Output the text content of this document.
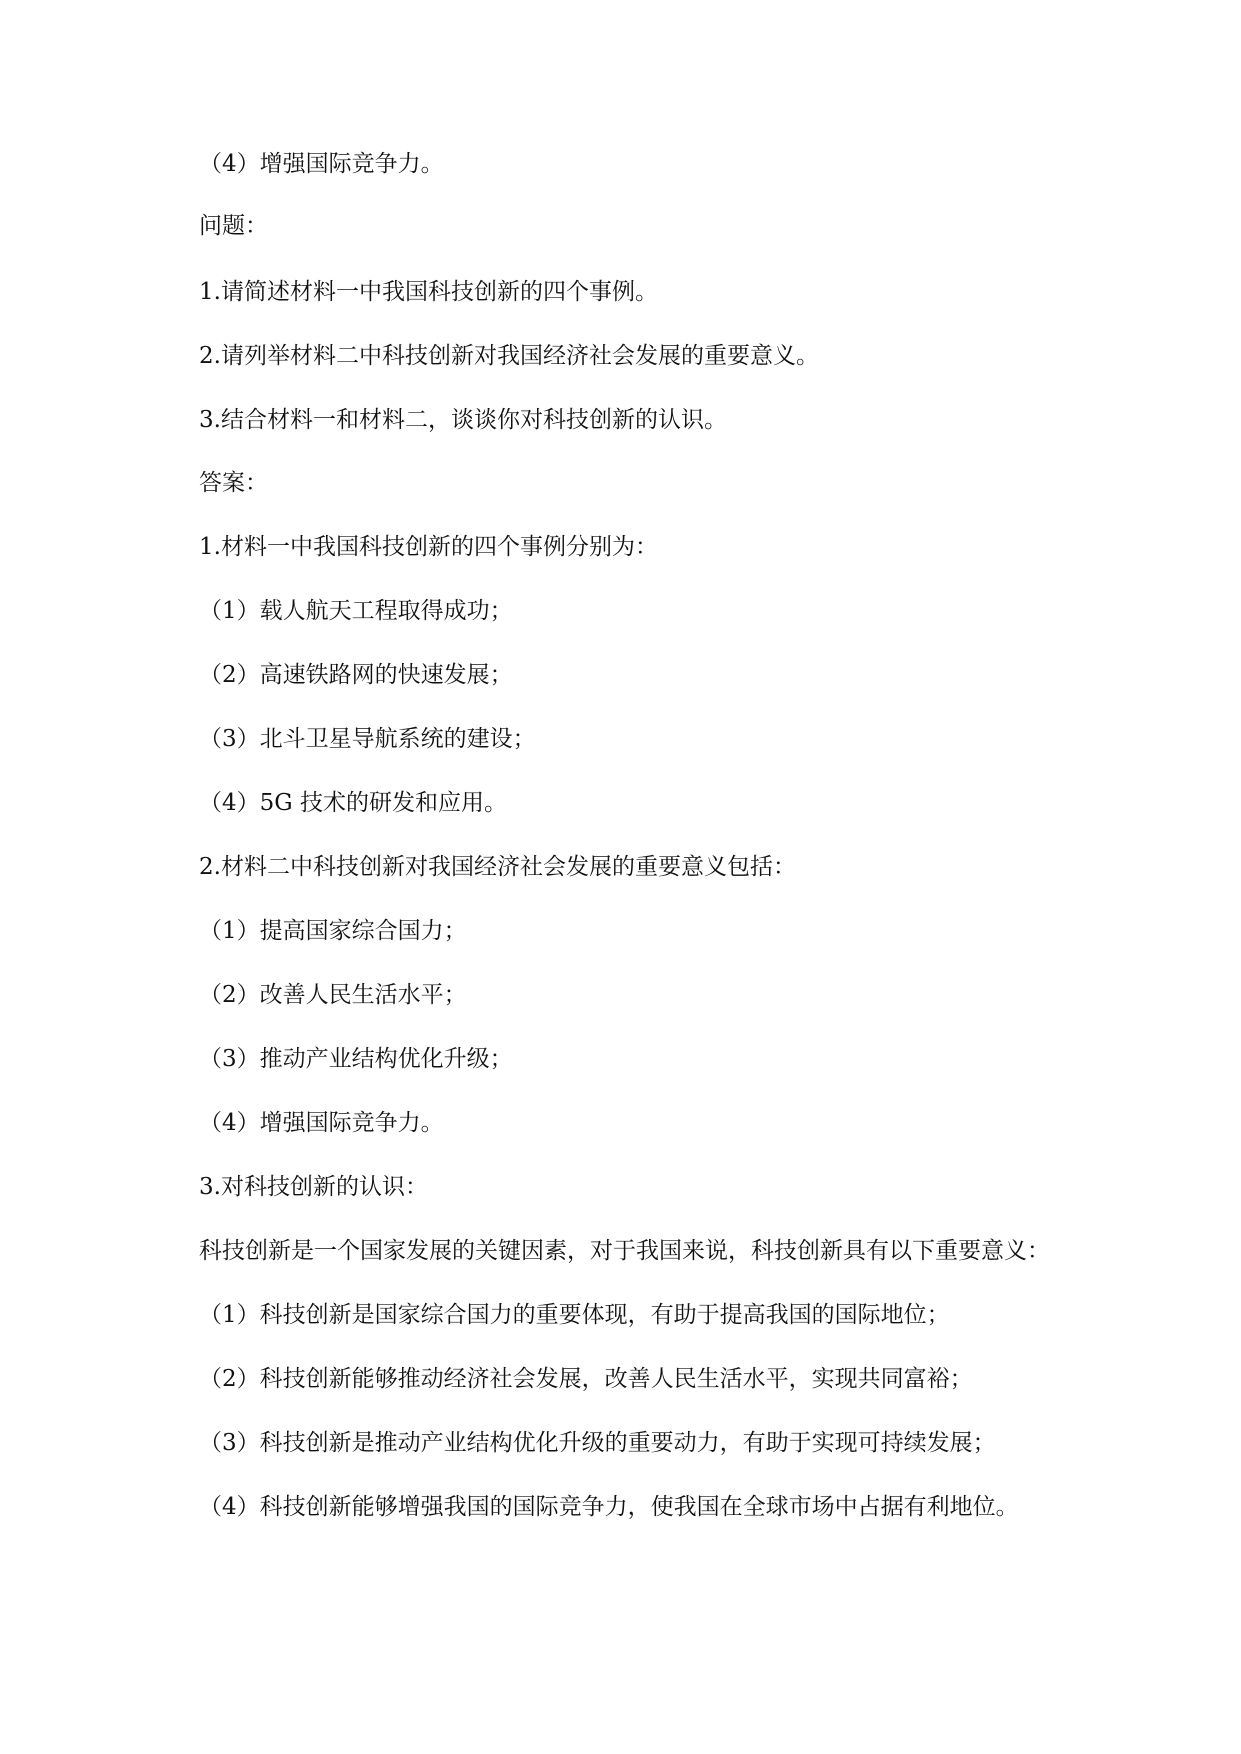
（4）增强国际竞争力。
问题：
1.请简述材料一中我国科技创新的四个事例。
2.请列举材料二中科技创新对我国经济社会发展的重要意义。
3.结合材料一和材料二，谈谈你对科技创新的认识。
答案：
1.材料一中我国科技创新的四个事例分别为：
（1）载人航天工程取得成功；
（2）高速铁路网的快速发展；
（3）北斗卫星导航系统的建设；
（4）5G 技术的研发和应用。
2.材料二中科技创新对我国经济社会发展的重要意义包括：
（1）提高国家综合国力；
（2）改善人民生活水平；
（3）推动产业结构优化升级；
（4）增强国际竞争力。
3.对科技创新的认识：
科技创新是一个国家发展的关键因素，对于我国来说，科技创新具有以下重要意义：
（1）科技创新是国家综合国力的重要体现，有助于提高我国的国际地位；
（2）科技创新能够推动经济社会发展，改善人民生活水平，实现共同富裕；
（3）科技创新是推动产业结构优化升级的重要动力，有助于实现可持续发展；
（4）科技创新能够增强我国的国际竞争力，使我国在全球市场中占据有利地位。
